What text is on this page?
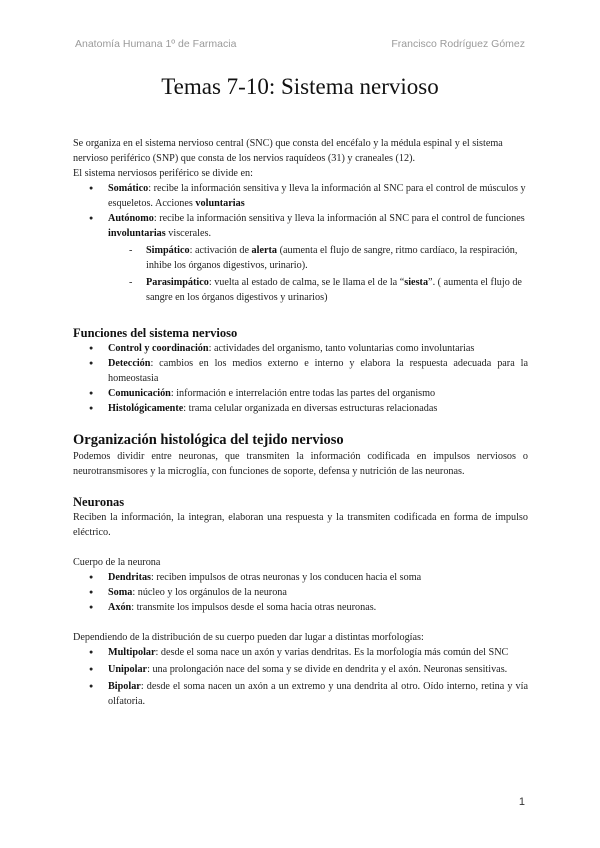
Anatomía Humana 1º de Farmacia	Francisco Rodríguez Gómez
Temas 7-10: Sistema nervioso

Se organiza en el sistema nervioso central (SNC) que consta del encéfalo y la médula espinal y el sistema nervioso periférico (SNP) que consta de los nervios raquídeos (31) y craneales (12).

El sistema nerviosos periférico se divide en:

● Somático: recibe la información sensitiva y lleva la información al SNC para el control de músculos y esqueletos. Acciones voluntarias
● Autónomo: recibe la información sensitiva y lleva la información al SNC para el control de funciones involuntarias viscerales.
- Simpático: activación de alerta (aumenta el flujo de sangre, ritmo cardíaco, la respiración, inhibe los órganos digestivos, urinario).
- Parasimpático: vuelta al estado de calma, se le llama el de la “siesta”. ( aumenta el flujo de sangre en los órganos digestivos y urinarios)
Funciones del sistema nervioso
● Control y coordinación: actividades del organismo, tanto voluntarias como involuntarias
● Detección: cambios en los medios externo e interno y elabora la respuesta adecuada para la homeostasia
● Comunicación: información e interrelación entre todas las partes del organismo
● Histológicamente: trama celular organizada en diversas estructuras relacionadas
Organización histológica del tejido nervioso

Podemos dividir entre neuronas, que transmiten la información codificada en impulsos nerviosos o neurotransmisores y la microglía, con funciones de soporte, defensa y nutrición de las neuronas.

Neuronas

Reciben la información, la integran, elaboran una respuesta y la transmiten codificada en forma de impulso eléctrico.

Cuerpo de la neurona

● Dendritas: reciben impulsos de otras neuronas y los conducen hacia el soma
● Soma: núcleo y los orgánulos de la neurona
● Axón: transmite los impulsos desde el soma hacia otras neuronas.

Dependiendo de la distribución de su cuerpo pueden dar lugar a distintas morfologías:

● Multipolar: desde el soma nace un axón y varias dendritas. Es la morfología más común del SNC
● Unipolar: una prolongación nace del soma y se divide en dendrita y el axón. Neuronas sensitivas.
● Bipolar: desde el soma nacen un axón a un extremo y una dendrita al otro. Oído interno, retina y vía olfatoria.
1
